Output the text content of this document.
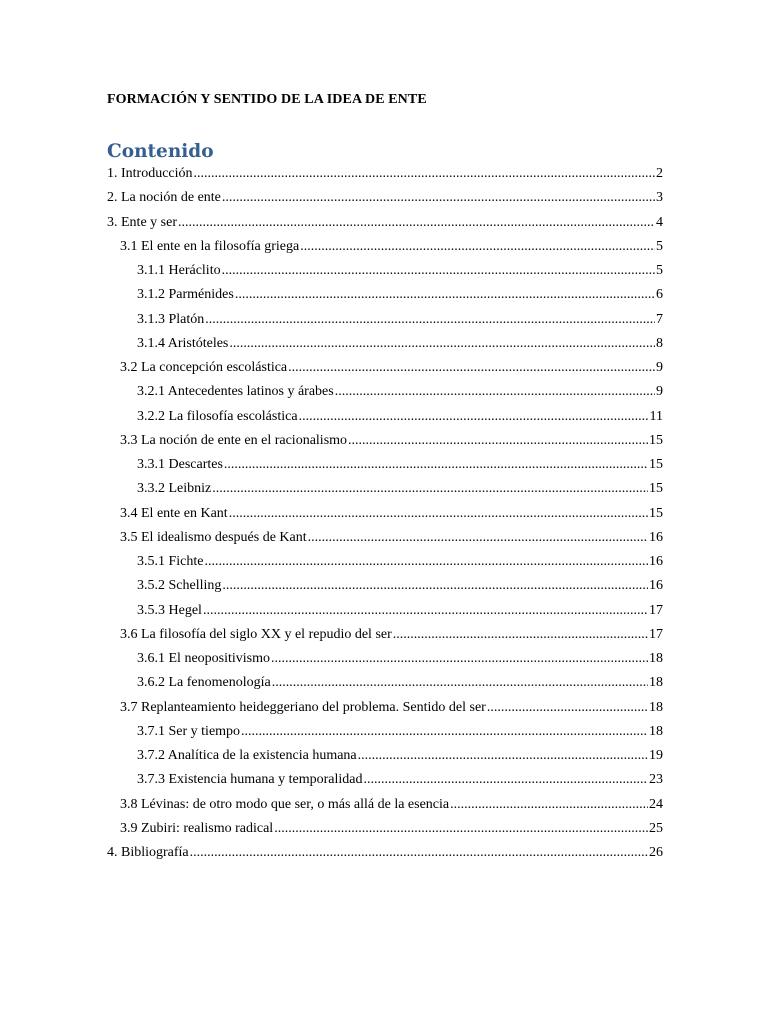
FORMACIÓN Y SENTIDO DE LA IDEA DE ENTE
Contenido
1. Introducción .....	2
2. La noción de ente .....	3
3. Ente y ser .....	4
3.1 El ente en la filosofía griega .....	5
3.1.1 Heráclito .....	5
3.1.2 Parménides .....	6
3.1.3 Platón .....	7
3.1.4 Aristóteles .....	8
3.2 La concepción escolástica .....	9
3.2.1 Antecedentes latinos y árabes .....	9
3.2.2 La filosofía escolástica .....	11
3.3 La noción de ente en el racionalismo .....	15
3.3.1 Descartes .....	15
3.3.2 Leibniz .....	15
3.4 El ente en Kant .....	15
3.5 El idealismo después de Kant .....	16
3.5.1 Fichte .....	16
3.5.2 Schelling .....	16
3.5.3 Hegel .....	17
3.6 La filosofía del siglo XX y el repudio del ser .....	17
3.6.1 El neopositivismo .....	18
3.6.2 La fenomenología .....	18
3.7 Replanteamiento heideggeriano del problema. Sentido del ser .....	18
3.7.1 Ser y tiempo .....	18
3.7.2 Analítica de la existencia humana .....	19
3.7.3 Existencia humana y temporalidad .....	23
3.8 Lévinas: de otro modo que ser, o más allá de la esencia .....	24
3.9 Zubiri: realismo radical .....	25
4. Bibliografía .....	26
